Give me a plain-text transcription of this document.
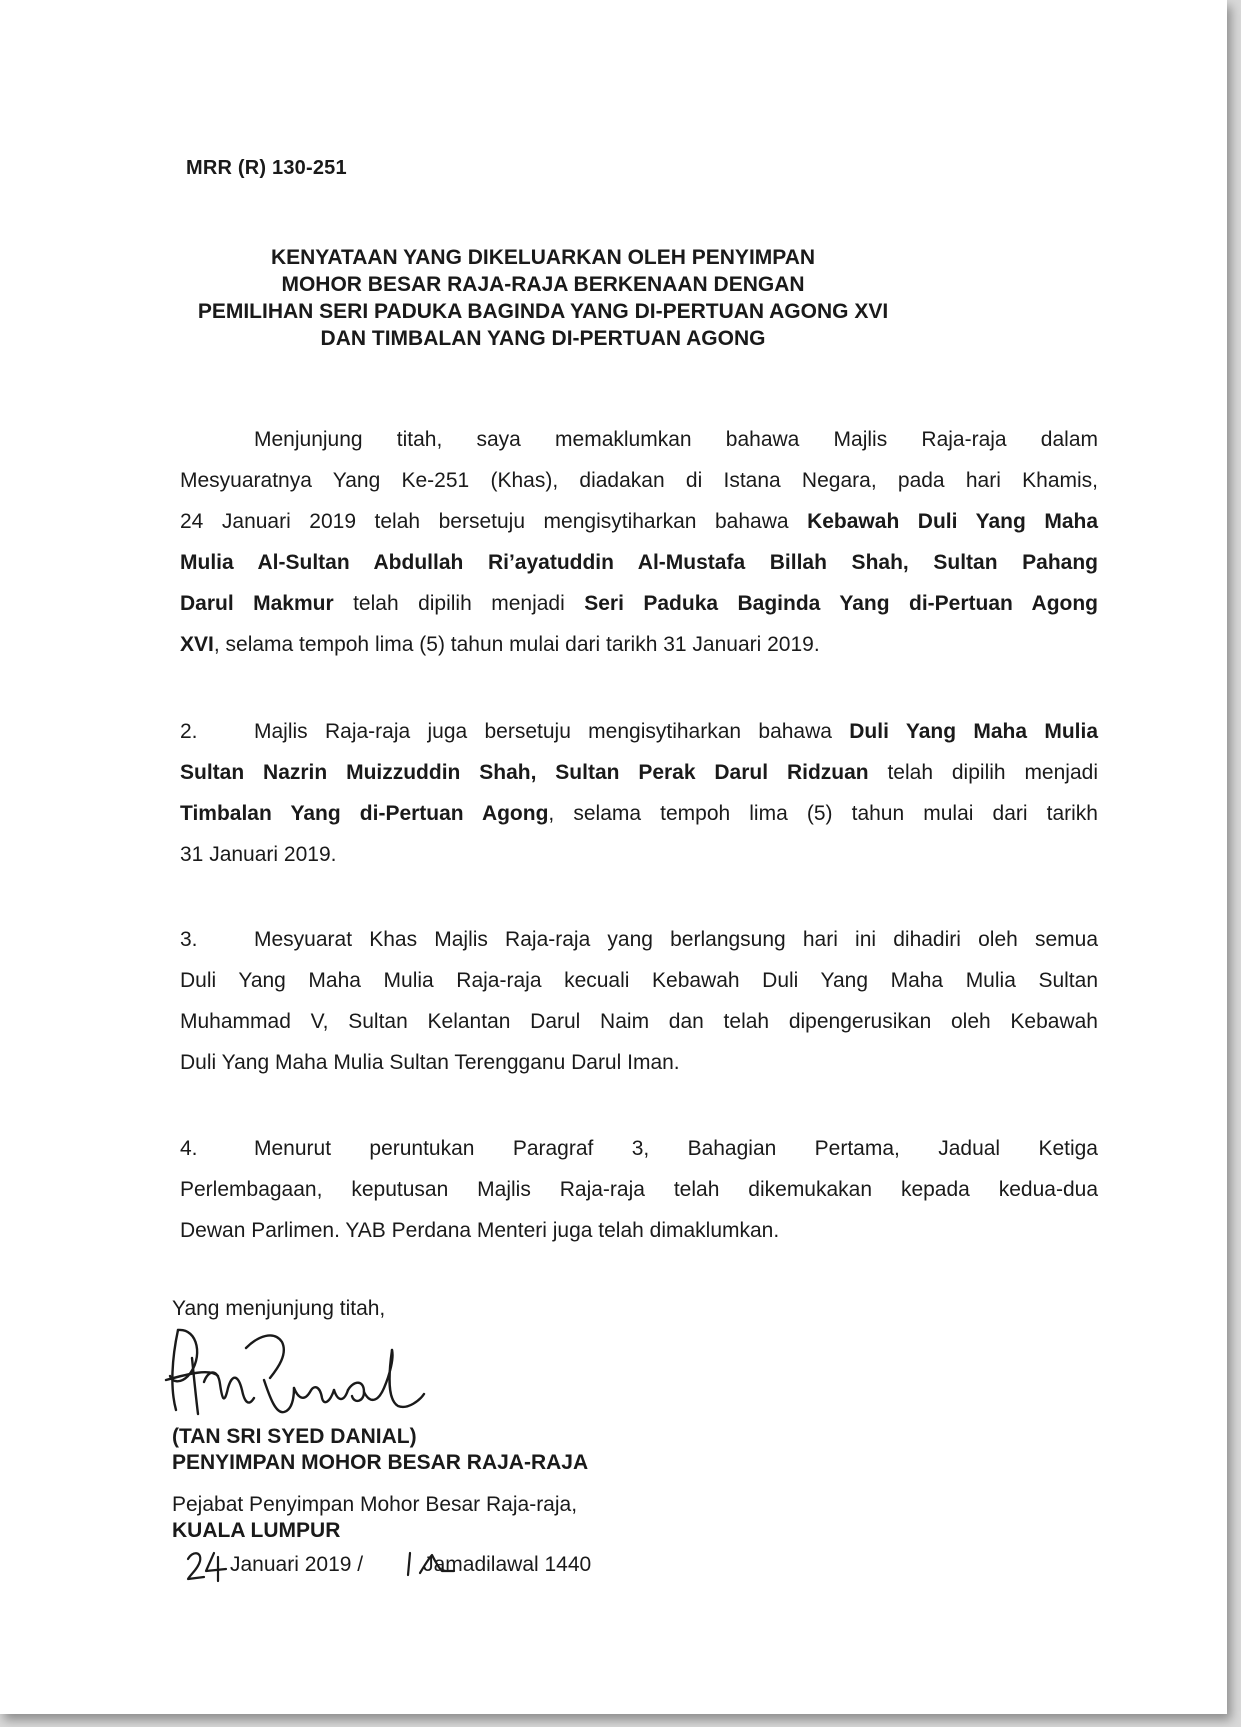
MRR (R) 130-251
KENYATAAN YANG DIKELUARKAN OLEH PENYIMPAN
MOHOR BESAR RAJA-RAJA BERKENAAN DENGAN
PEMILIHAN SERI PADUKA BAGINDA YANG DI-PERTUAN AGONG XVI
DAN TIMBALAN YANG DI-PERTUAN AGONG
Menjunjung titah, saya memaklumkan bahawa Majlis Raja-raja dalam
Mesyuaratnya Yang Ke-251 (Khas), diadakan di Istana Negara, pada hari Khamis,
24 Januari 2019 telah bersetuju mengisytiharkan bahawa Kebawah Duli Yang Maha
Mulia Al-Sultan Abdullah Ri’ayatuddin Al-Mustafa Billah Shah, Sultan Pahang
Darul Makmur telah dipilih menjadi Seri Paduka Baginda Yang di-Pertuan Agong
XVI, selama tempoh lima (5) tahun mulai dari tarikh 31 Januari 2019.
2.	Majlis Raja-raja juga bersetuju mengisytiharkan bahawa Duli Yang Maha Mulia
Sultan Nazrin Muizzuddin Shah, Sultan Perak Darul Ridzuan telah dipilih menjadi
Timbalan Yang di-Pertuan Agong, selama tempoh lima (5) tahun mulai dari tarikh
31 Januari 2019.
3.	Mesyuarat Khas Majlis Raja-raja yang berlangsung hari ini dihadiri oleh semua
Duli Yang Maha Mulia Raja-raja kecuali Kebawah Duli Yang Maha Mulia Sultan
Muhammad V, Sultan Kelantan Darul Naim dan telah dipengerusikan oleh Kebawah
Duli Yang Maha Mulia Sultan Terengganu Darul Iman.
4.	Menurut peruntukan Paragraf 3, Bahagian Pertama, Jadual Ketiga
Perlembagaan, keputusan Majlis Raja-raja telah dikemukakan kepada kedua-dua
Dewan Parlimen. YAB Perdana Menteri juga telah dimaklumkan.
Yang menjunjung titah,
(TAN SRI SYED DANIAL)
PENYIMPAN MOHOR BESAR RAJA-RAJA
Pejabat Penyimpan Mohor Besar Raja-raja,
KUALA LUMPUR
Januari 2019 /	Jamadilawal 1440
